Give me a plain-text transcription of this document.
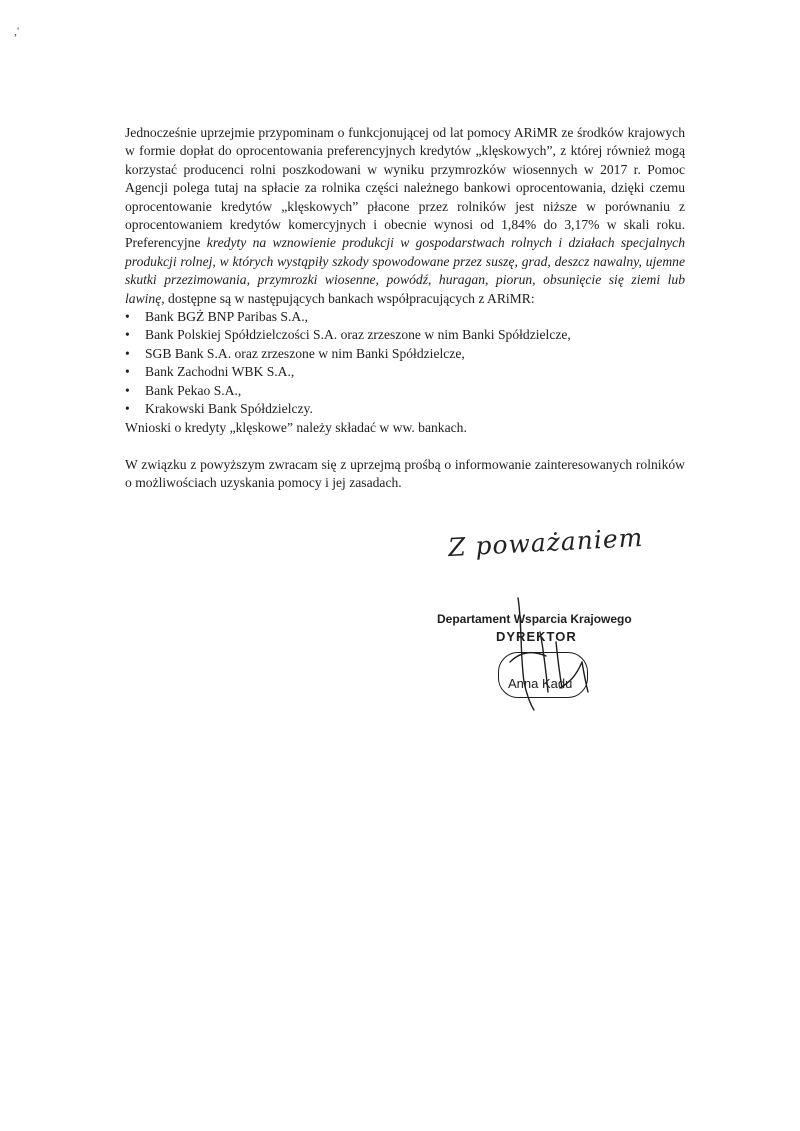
,'

Jednocześnie uprzejmie przypominam o funkcjonującej od lat pomocy ARiMR ze środków krajowych w formie dopłat do oprocentowania preferencyjnych kredytów „klęskowych”, z której również mogą korzystać producenci rolni poszkodowani w wyniku przymrozków wiosennych w 2017 r. Pomoc Agencji polega tutaj na spłacie za rolnika części należnego bankowi oprocentowania, dzięki czemu oprocentowanie kredytów „klęskowych” płacone przez rolników jest niższe w porównaniu z oprocentowaniem kredytów komercyjnych i obecnie wynosi od 1,84% do 3,17% w skali roku. Preferencyjne kredyty na wznowienie produkcji w gospodarstwach rolnych i działach specjalnych produkcji rolnej, w których wystąpiły szkody spowodowane przez suszę, grad, deszcz nawalny, ujemne skutki przezimowania, przymrozki wiosenne, powódź, huragan, piorun, obsunięcie się ziemi lub lawinę, dostępne są w następujących bankach współpracujących z ARiMR:

• Bank BGŻ BNP Paribas S.A.,
• Bank Polskiej Spółdzielczości S.A. oraz zrzeszone w nim Banki Spółdzielcze,
• SGB Bank S.A. oraz zrzeszone w nim Banki Spółdzielcze,
• Bank Zachodni WBK S.A.,
• Bank Pekao S.A.,
• Krakowski Bank Spółdzielczy.

Wnioski o kredyty „klęskowe” należy składać w ww. bankach.

W związku z powyższym zwracam się z uprzejmą prośbą o informowanie zainteresowanych rolników o możliwościach uzyskania pomocy i jej zasadach.

Z poważaniem
Departament Wsparcia Krajowego
DYREKTOR
Anna Kadu
